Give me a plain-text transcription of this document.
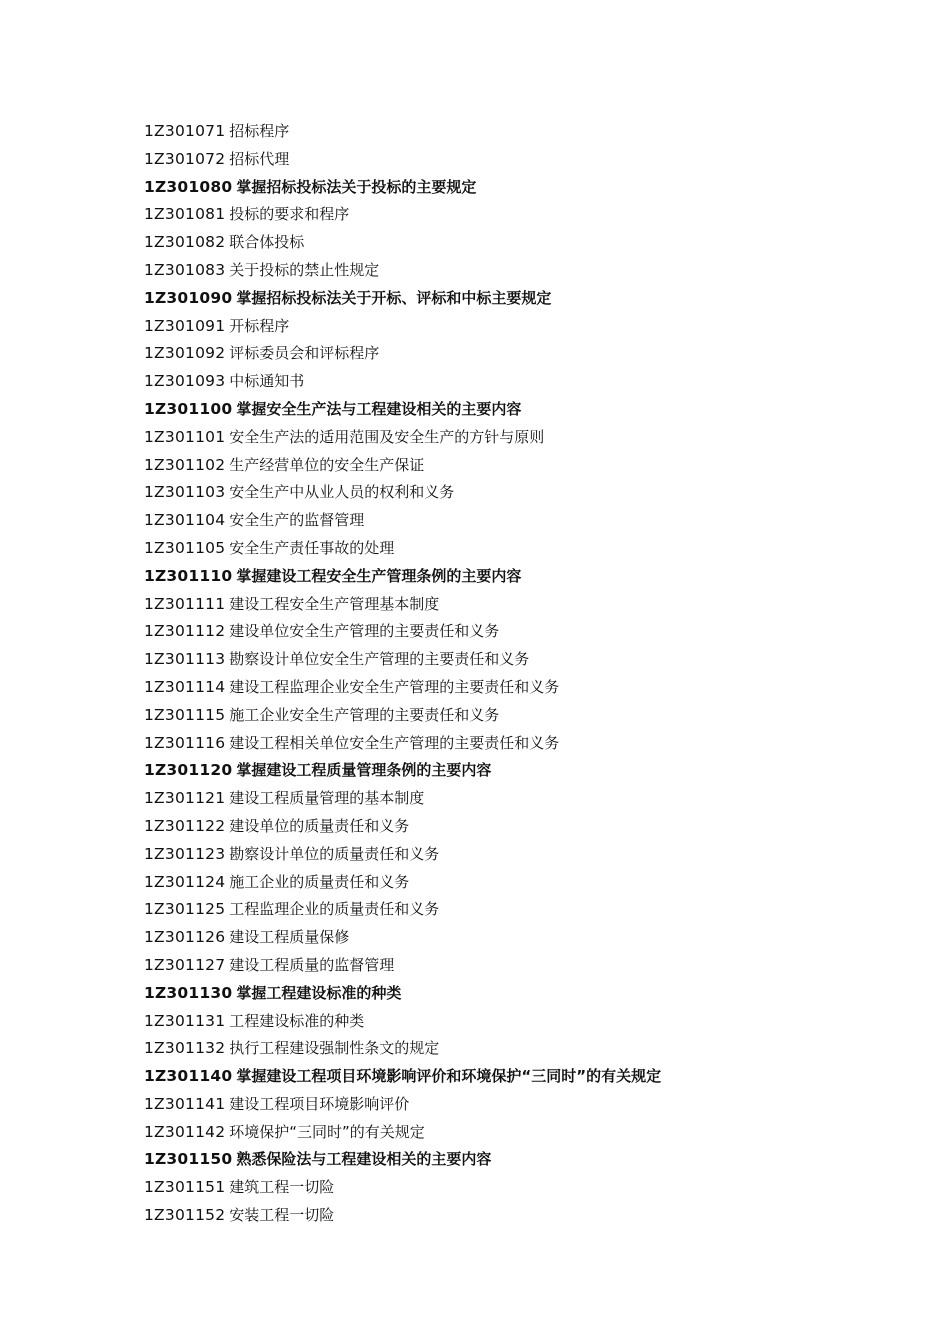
1Z301071 招标程序
1Z301072 招标代理
1Z301080 掌握招标投标法关于投标的主要规定
1Z301081 投标的要求和程序
1Z301082 联合体投标
1Z301083 关于投标的禁止性规定
1Z301090 掌握招标投标法关于开标、评标和中标主要规定
1Z301091 开标程序
1Z301092 评标委员会和评标程序
1Z301093 中标通知书
1Z301100 掌握安全生产法与工程建设相关的主要内容
1Z301101 安全生产法的适用范围及安全生产的方针与原则
1Z301102 生产经营单位的安全生产保证
1Z301103 安全生产中从业人员的权利和义务
1Z301104 安全生产的监督管理
1Z301105 安全生产责任事故的处理
1Z301110 掌握建设工程安全生产管理条例的主要内容
1Z301111 建设工程安全生产管理基本制度
1Z301112 建设单位安全生产管理的主要责任和义务
1Z301113 勘察设计单位安全生产管理的主要责任和义务
1Z301114 建设工程监理企业安全生产管理的主要责任和义务
1Z301115 施工企业安全生产管理的主要责任和义务
1Z301116 建设工程相关单位安全生产管理的主要责任和义务
1Z301120 掌握建设工程质量管理条例的主要内容
1Z301121 建设工程质量管理的基本制度
1Z301122 建设单位的质量责任和义务
1Z301123 勘察设计单位的质量责任和义务
1Z301124 施工企业的质量责任和义务
1Z301125 工程监理企业的质量责任和义务
1Z301126 建设工程质量保修
1Z301127 建设工程质量的监督管理
1Z301130 掌握工程建设标准的种类
1Z301131 工程建设标准的种类
1Z301132 执行工程建设强制性条文的规定
1Z301140 掌握建设工程项目环境影响评价和环境保护“三同时”的有关规定
1Z301141 建设工程项目环境影响评价
1Z301142 环境保护“三同时”的有关规定
1Z301150 熟悉保险法与工程建设相关的主要内容
1Z301151 建筑工程一切险
1Z301152 安装工程一切险
